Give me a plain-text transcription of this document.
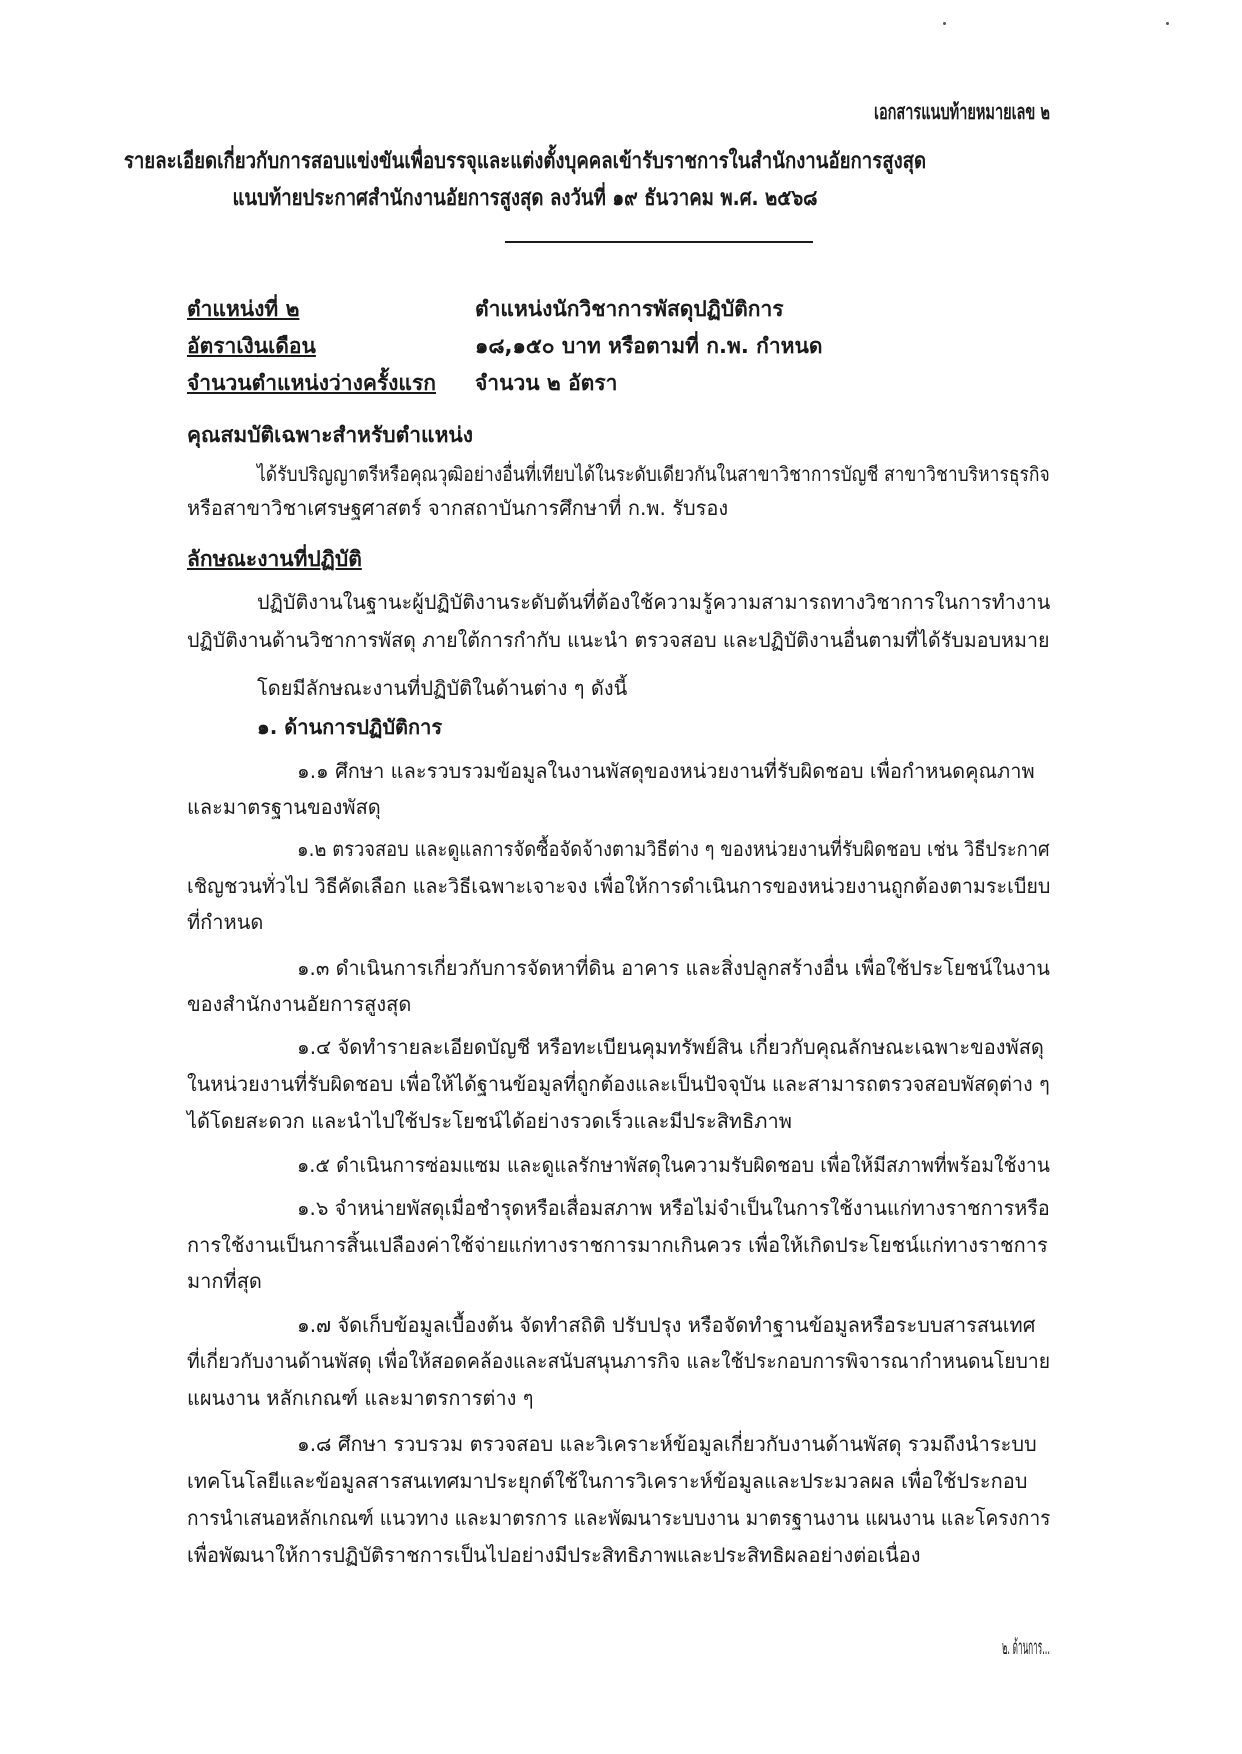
เอกสารแนบท้ายหมายเลข ๒
รายละเอียดเกี่ยวกับการสอบแข่งขันเพื่อบรรจุและแต่งตั้งบุคคลเข้ารับราชการในสำนักงานอัยการสูงสุด
แนบท้ายประกาศสำนักงานอัยการสูงสุด ลงวันที่ ๑๙ ธันวาคม พ.ศ. ๒๕๖๘
ตำแหน่งที่ ๒	ตำแหน่งนักวิชาการพัสดุปฏิบัติการ
อัตราเงินเดือน	๑๘,๑๕๐ บาท หรือตามที่ ก.พ. กำหนด
จำนวนตำแหน่งว่างครั้งแรก จำนวน ๒ อัตรา
คุณสมบัติเฉพาะสำหรับตำแหน่ง
ได้รับปริญญาตรีหรือคุณวุฒิอย่างอื่นที่เทียบได้ในระดับเดียวกันในสาขาวิชาการบัญชี สาขาวิชาบริหารธุรกิจ
หรือสาขาวิชาเศรษฐศาสตร์ จากสถาบันการศึกษาที่ ก.พ. รับรอง
ลักษณะงานที่ปฏิบัติ
ปฏิบัติงานในฐานะผู้ปฏิบัติงานระดับต้นที่ต้องใช้ความรู้ความสามารถทางวิชาการในการทำงาน
ปฏิบัติงานด้านวิชาการพัสดุ ภายใต้การกำกับ แนะนำ ตรวจสอบ และปฏิบัติงานอื่นตามที่ได้รับมอบหมาย
โดยมีลักษณะงานที่ปฏิบัติในด้านต่าง ๆ ดังนี้
๑. ด้านการปฏิบัติการ
๑.๑ ศึกษา และรวบรวมข้อมูลในงานพัสดุของหน่วยงานที่รับผิดชอบ เพื่อกำหนดคุณภาพ
และมาตรฐานของพัสดุ
๑.๒ ตรวจสอบ และดูแลการจัดซื้อจัดจ้างตามวิธีต่าง ๆ ของหน่วยงานที่รับผิดชอบ เช่น วิธีประกาศ
เชิญชวนทั่วไป วิธีคัดเลือก และวิธีเฉพาะเจาะจง เพื่อให้การดำเนินการของหน่วยงานถูกต้องตามระเบียบ
ที่กำหนด
๑.๓ ดำเนินการเกี่ยวกับการจัดหาที่ดิน อาคาร และสิ่งปลูกสร้างอื่น เพื่อใช้ประโยชน์ในงาน
ของสำนักงานอัยการสูงสุด
๑.๔ จัดทำรายละเอียดบัญชี หรือทะเบียนคุมทรัพย์สิน เกี่ยวกับคุณลักษณะเฉพาะของพัสดุ
ในหน่วยงานที่รับผิดชอบ เพื่อให้ได้ฐานข้อมูลที่ถูกต้องและเป็นปัจจุบัน และสามารถตรวจสอบพัสดุต่าง ๆ
ได้โดยสะดวก และนำไปใช้ประโยชน์ได้อย่างรวดเร็วและมีประสิทธิภาพ
๑.๕ ดำเนินการซ่อมแซม และดูแลรักษาพัสดุในความรับผิดชอบ เพื่อให้มีสภาพที่พร้อมใช้งาน
๑.๖ จำหน่ายพัสดุเมื่อชำรุดหรือเสื่อมสภาพ หรือไม่จำเป็นในการใช้งานแก่ทางราชการหรือ
การใช้งานเป็นการสิ้นเปลืองค่าใช้จ่ายแก่ทางราชการมากเกินควร เพื่อให้เกิดประโยชน์แก่ทางราชการ
มากที่สุด
๑.๗ จัดเก็บข้อมูลเบื้องต้น จัดทำสถิติ ปรับปรุง หรือจัดทำฐานข้อมูลหรือระบบสารสนเทศ
ที่เกี่ยวกับงานด้านพัสดุ เพื่อให้สอดคล้องและสนับสนุนภารกิจ และใช้ประกอบการพิจารณากำหนดนโยบาย
แผนงาน หลักเกณฑ์ และมาตรการต่าง ๆ
๑.๘ ศึกษา รวบรวม ตรวจสอบ และวิเคราะห์ข้อมูลเกี่ยวกับงานด้านพัสดุ รวมถึงนำระบบ
เทคโนโลยีและข้อมูลสารสนเทศมาประยุกต์ใช้ในการวิเคราะห์ข้อมูลและประมวลผล เพื่อใช้ประกอบ
การนำเสนอหลักเกณฑ์ แนวทาง และมาตรการ และพัฒนาระบบงาน มาตรฐานงาน แผนงาน และโครงการ
เพื่อพัฒนาให้การปฏิบัติราชการเป็นไปอย่างมีประสิทธิภาพและประสิทธิผลอย่างต่อเนื่อง
๒. ด้านการ...
